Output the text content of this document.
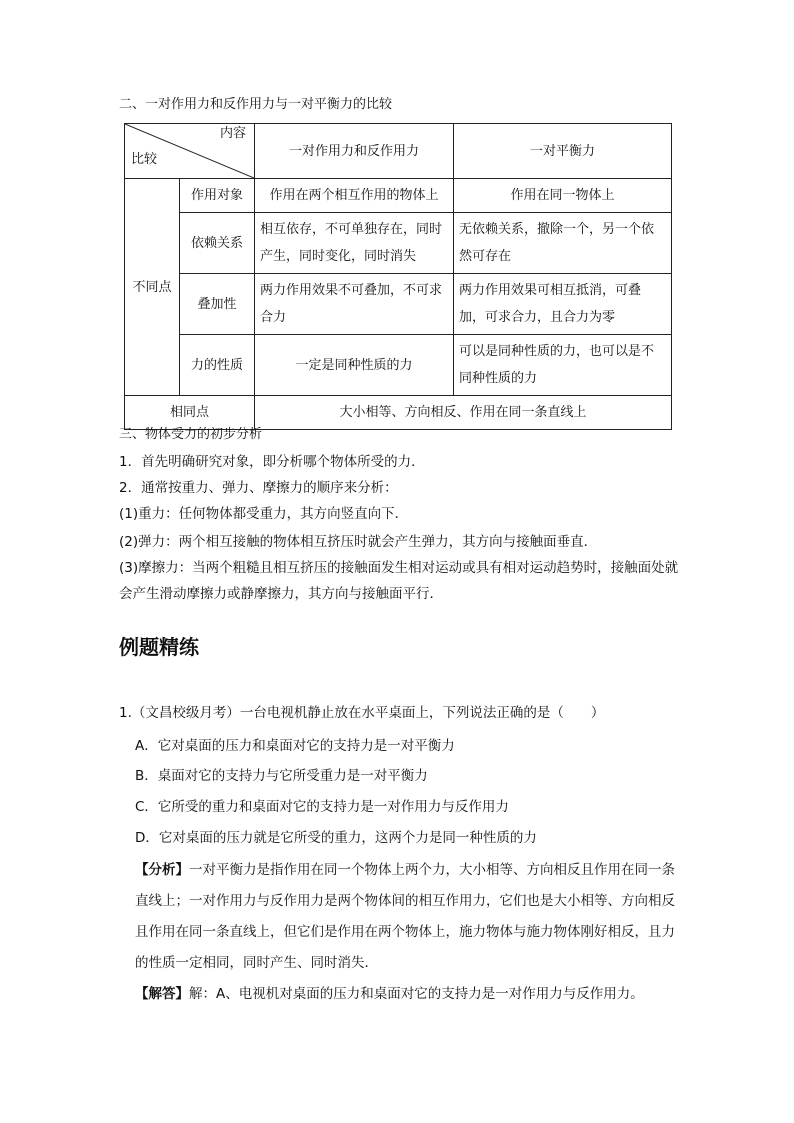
二、一对作用力和反作用力与一对平衡力的比较
内容
比较		一对作用力和反作用力	一对平衡力
不同点	作用对象	作用在两个相互作用的物体上	作用在同一物体上
	依赖关系	相互依存，不可单独存在，同时产生，同时变化，同时消失	无依赖关系，撤除一个，另一个依然可存在
	叠加性	两力作用效果不可叠加，不可求合力	两力作用效果可相互抵消，可叠加，可求合力，且合力为零
	力的性质	一定是同种性质的力	可以是同种性质的力，也可以是不同种性质的力
相同点		大小相等、方向相反、作用在同一条直线上	
三、物体受力的初步分析
1．首先明确研究对象，即分析哪个物体所受的力．
2．通常按重力、弹力、摩擦力的顺序来分析：
(1)重力：任何物体都受重力，其方向竖直向下．
(2)弹力：两个相互接触的物体相互挤压时就会产生弹力，其方向与接触面垂直．
(3)摩擦力：当两个粗糙且相互挤压的接触面发生相对运动或具有相对运动趋势时，接触面处就会产生滑动摩擦力或静摩擦力，其方向与接触面平行．
例题精练
1.（文昌校级月考）一台电视机静止放在水平桌面上，下列说法正确的是（　　）
A．它对桌面的压力和桌面对它的支持力是一对平衡力
B．桌面对它的支持力与它所受重力是一对平衡力
C．它所受的重力和桌面对它的支持力是一对作用力与反作用力
D．它对桌面的压力就是它所受的重力，这两个力是同一种性质的力
【分析】一对平衡力是指作用在同一个物体上两个力，大小相等、方向相反且作用在同一条直线上；一对作用力与反作用力是两个物体间的相互作用力，它们也是大小相等、方向相反且作用在同一条直线上，但它们是作用在两个物体上，施力物体与施力物体刚好相反，且力的性质一定相同，同时产生、同时消失．
【解答】解：A、电视机对桌面的压力和桌面对它的支持力是一对作用力与反作用力。
